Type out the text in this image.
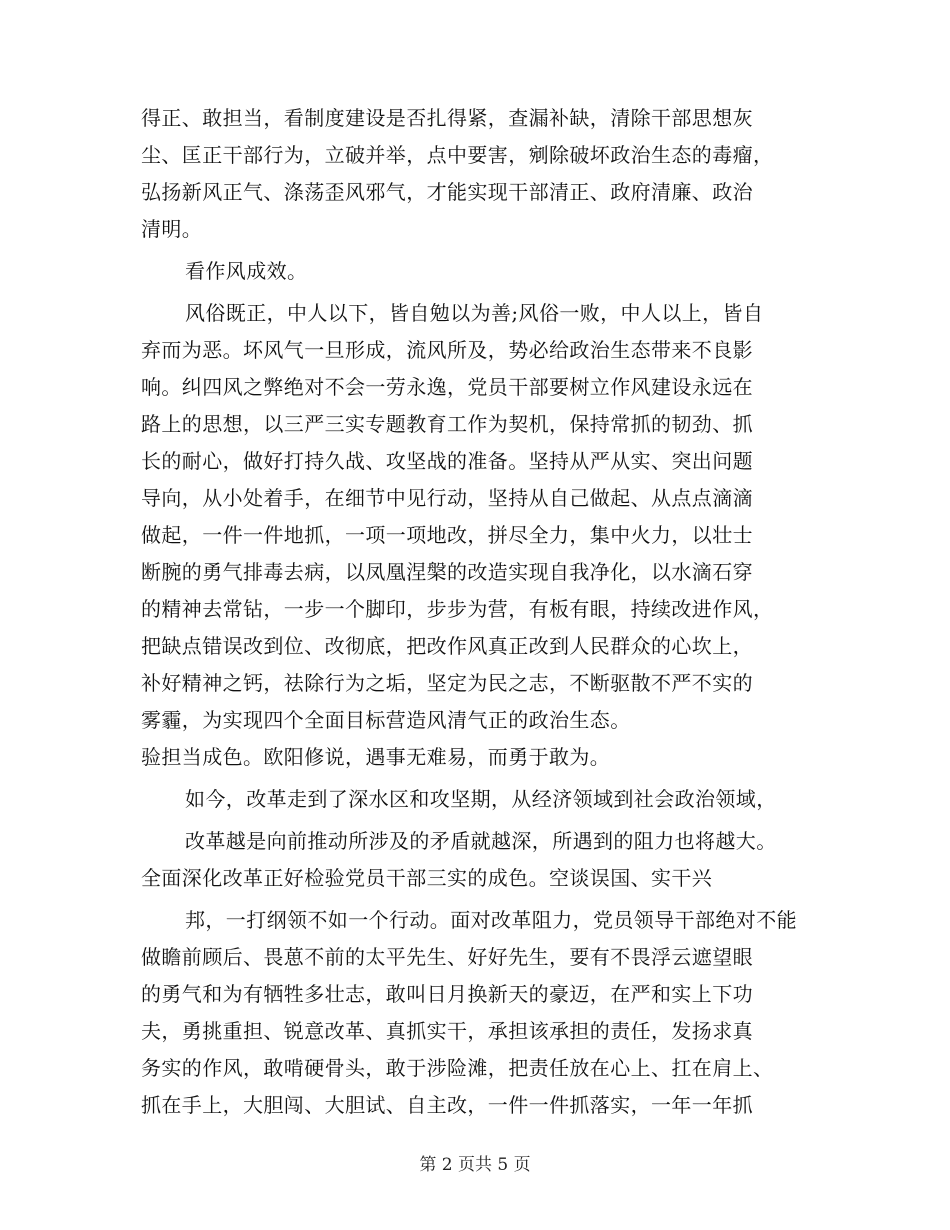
得正、敢担当，看制度建设是否扎得紧，查漏补缺，清除干部思想灰
尘、匡正干部行为，立破并举，点中要害，剜除破坏政治生态的毒瘤，
弘扬新风正气、涤荡歪风邪气，才能实现干部清正、政府清廉、政治
清明。
看作风成效。
风俗既正，中人以下，皆自勉以为善;风俗一败，中人以上，皆自
弃而为恶。坏风气一旦形成，流风所及，势必给政治生态带来不良影
响。纠四风之弊绝对不会一劳永逸，党员干部要树立作风建设永远在
路上的思想，以三严三实专题教育工作为契机，保持常抓的韧劲、抓
长的耐心，做好打持久战、攻坚战的准备。坚持从严从实、突出问题
导向，从小处着手，在细节中见行动，坚持从自己做起、从点点滴滴
做起，一件一件地抓，一项一项地改，拼尽全力，集中火力，以壮士
断腕的勇气排毒去病，以凤凰涅槃的改造实现自我净化，以水滴石穿
的精神去常钻，一步一个脚印，步步为营，有板有眼，持续改进作风，
把缺点错误改到位、改彻底，把改作风真正改到人民群众的心坎上，
补好精神之钙，祛除行为之垢，坚定为民之志，不断驱散不严不实的
雾霾，为实现四个全面目标营造风清气正的政治生态。
验担当成色。欧阳修说，遇事无难易，而勇于敢为。
如今，改革走到了深水区和攻坚期，从经济领域到社会政治领域，
改革越是向前推动所涉及的矛盾就越深，所遇到的阻力也将越大。
全面深化改革正好检验党员干部三实的成色。空谈误国、实干兴
邦，一打纲领不如一个行动。面对改革阻力，党员领导干部绝对不能
做瞻前顾后、畏葸不前的太平先生、好好先生，要有不畏浮云遮望眼
的勇气和为有牺牲多壮志，敢叫日月换新天的豪迈，在严和实上下功
夫，勇挑重担、锐意改革、真抓实干，承担该承担的责任，发扬求真
务实的作风，敢啃硬骨头，敢于涉险滩，把责任放在心上、扛在肩上、
抓在手上，大胆闯、大胆试、自主改，一件一件抓落实，一年一年抓
第 2 页共 5 页
